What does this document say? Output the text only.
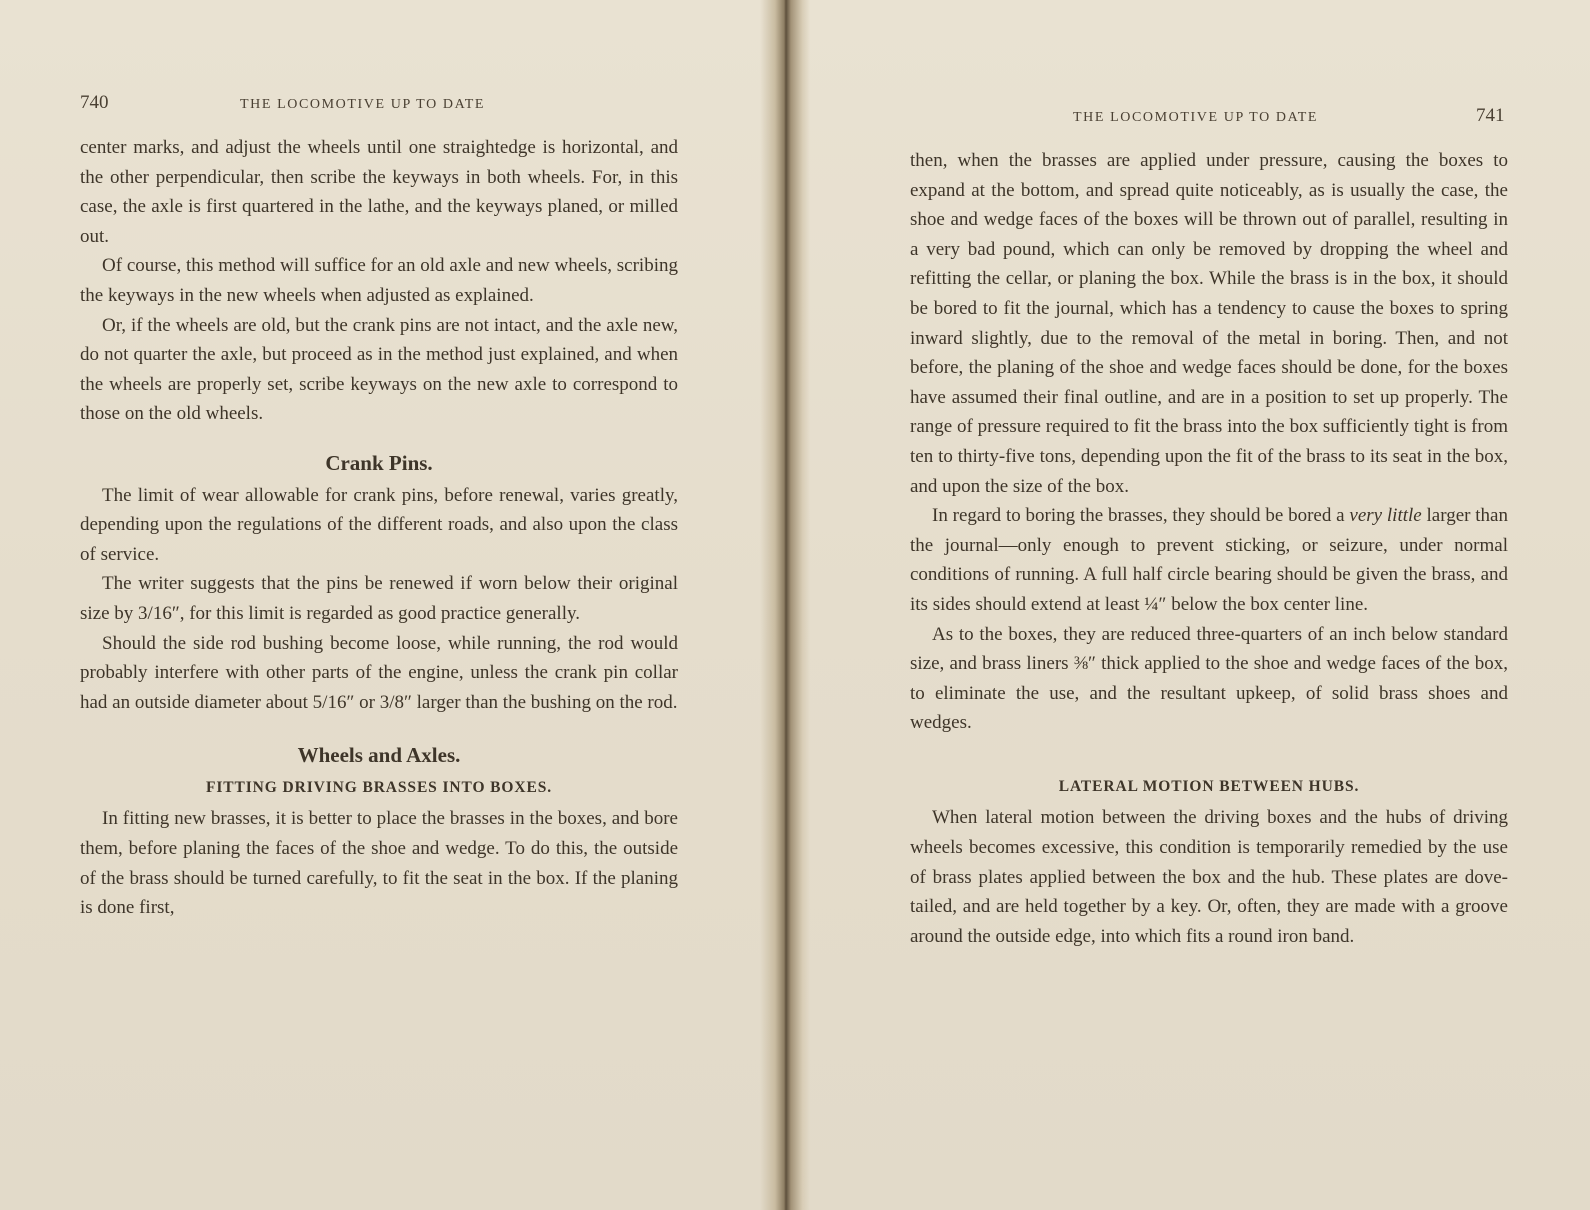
740	THE LOCOMOTIVE UP TO DATE

center marks, and adjust the wheels until one straightedge is horizontal, and the other perpendicular, then scribe the keyways in both wheels. For, in this case, the axle is first quartered in the lathe, and the keyways planed, or milled out.

Of course, this method will suffice for an old axle and new wheels, scribing the keyways in the new wheels when adjusted as explained.

Or, if the wheels are old, but the crank pins are not intact, and the axle new, do not quarter the axle, but proceed as in the method just explained, and when the wheels are properly set, scribe keyways on the new axle to correspond to those on the old wheels.

Crank Pins.

The limit of wear allowable for crank pins, before renewal, varies greatly, depending upon the regulations of the different roads, and also upon the class of service.

The writer suggests that the pins be renewed if worn below their original size by 3/16″, for this limit is regarded as good practice generally.

Should the side rod bushing become loose, while running, the rod would probably interfere with other parts of the engine, unless the crank pin collar had an outside diameter about 5/16″ or 3/8″ larger than the bushing on the rod.

Wheels and Axles.
FITTING DRIVING BRASSES INTO BOXES.

In fitting new brasses, it is better to place the brasses in the boxes, and bore them, before planing the faces of the shoe and wedge. To do this, the outside of the brass should be turned carefully, to fit the seat in the box. If the planing is done first,

THE LOCOMOTIVE UP TO DATE	741

then, when the brasses are applied under pressure, causing the boxes to expand at the bottom, and spread quite noticeably, as is usually the case, the shoe and wedge faces of the boxes will be thrown out of parallel, resulting in a very bad pound, which can only be removed by dropping the wheel and refitting the cellar, or planing the box. While the brass is in the box, it should be bored to fit the journal, which has a tendency to cause the boxes to spring inward slightly, due to the removal of the metal in boring. Then, and not before, the planing of the shoe and wedge faces should be done, for the boxes have assumed their final outline, and are in a position to set up properly. The range of pressure required to fit the brass into the box sufficiently tight is from ten to thirty-five tons, depending upon the fit of the brass to its seat in the box, and upon the size of the box.

In regard to boring the brasses, they should be bored a very little larger than the journal—only enough to prevent sticking, or seizure, under normal conditions of running. A full half circle bearing should be given the brass, and its sides should extend at least ¼″ below the box center line.

As to the boxes, they are reduced three-quarters of an inch below standard size, and brass liners ⅜″ thick applied to the shoe and wedge faces of the box, to eliminate the use, and the resultant upkeep, of solid brass shoes and wedges.

LATERAL MOTION BETWEEN HUBS.

When lateral motion between the driving boxes and the hubs of driving wheels becomes excessive, this condition is temporarily remedied by the use of brass plates applied between the box and the hub. These plates are dove-tailed, and are held together by a key. Or, often, they are made with a groove around the outside edge, into which fits a round iron band.
